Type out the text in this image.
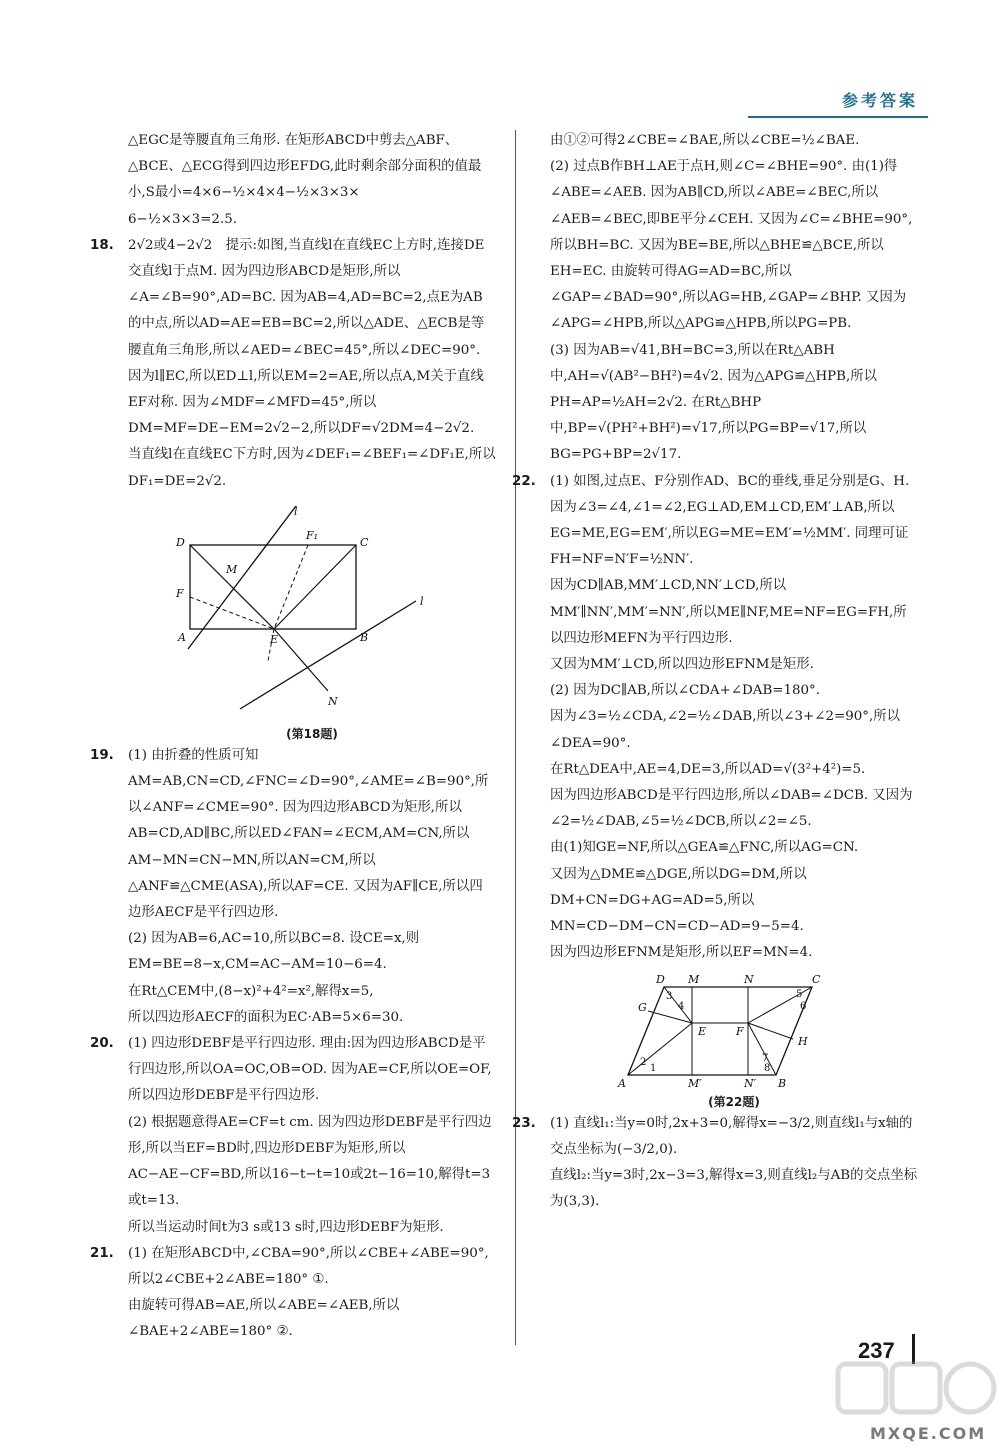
参考答案

△EGC是等腰直角三角形. 在矩形ABCD中剪去△ABF、△BCE、△ECG得到四边形EFDG,此时剩余部分面积的值最小,S最小=4×6−½×4×4−½×3×3×

6−½×3×3=2.5.

18. 2√2或4−2√2　提示:如图,当直线l在直线EC上方时,连接DE交直线l于点M. 因为四边形ABCD是矩形,所以∠A=∠B=90°,AD=BC. 因为AB=4,AD=BC=2,点E为AB的中点,所以AD=AE=EB=BC=2,所以△ADE、△ECB是等腰直角三角形,所以∠AED=∠BEC=45°,所以∠DEC=90°. 因为l∥EC,所以ED⊥l,所以EM=2=AE,所以点A,M关于直线EF对称. 因为∠MDF=∠MFD=45°,所以DM=MF=DE−EM=2√2−2,所以DF=√2DM=4−2√2.

当直线l在直线EC下方时,因为∠DEF₁=∠BEF₁=∠DF₁E,所以DF₁=DE=2√2.

D	C
A	B
E
F
M
F₁
N
l
l
(第18题)
19. (1) 由折叠的性质可知AM=AB,CN=CD,∠FNC=∠D=90°,∠AME=∠B=90°,所以∠ANF=∠CME=90°. 因为四边形ABCD为矩形,所以AB=CD,AD∥BC,所以ED∠FAN=∠ECM,AM=CN,所以AM−MN=CN−MN,所以AN=CM,所以△ANF≌△CME(ASA),所以AF=CE. 又因为AF∥CE,所以四边形AECF是平行四边形.

(2) 因为AB=6,AC=10,所以BC=8. 设CE=x,则EM=BE=8−x,CM=AC−AM=10−6=4.

在Rt△CEM中,(8−x)²+4²=x²,解得x=5,

所以四边形AECF的面积为EC·AB=5×6=30.

20. (1) 四边形DEBF是平行四边形. 理由:因为四边形ABCD是平行四边形,所以OA=OC,OB=OD. 因为AE=CF,所以OE=OF,所以四边形DEBF是平行四边形.

(2) 根据题意得AE=CF=t cm. 因为四边形DEBF是平行四边形,所以当EF=BD时,四边形DEBF为矩形,所以AC−AE−CF=BD,所以16−t−t=10或2t−16=10,解得t=3或t=13.

所以当运动时间t为3 s或13 s时,四边形DEBF为矩形.

21. (1) 在矩形ABCD中,∠CBA=90°,所以∠CBE+∠ABE=90°,所以2∠CBE+2∠ABE=180° ①.

由旋转可得AB=AE,所以∠ABE=∠AEB,所以∠BAE+2∠ABE=180° ②.

由①②可得2∠CBE=∠BAE,所以∠CBE=½∠BAE.

(2) 过点B作BH⊥AE于点H,则∠C=∠BHE=90°. 由(1)得∠ABE=∠AEB. 因为AB∥CD,所以∠ABE=∠BEC,所以∠AEB=∠BEC,即BE平分∠CEH. 又因为∠C=∠BHE=90°,所以BH=BC. 又因为BE=BE,所以△BHE≌△BCE,所以EH=EC. 由旋转可得AG=AD=BC,所以∠GAP=∠BAD=90°,所以AG=HB,∠GAP=∠BHP. 又因为∠APG=∠HPB,所以△APG≌△HPB,所以PG=PB.

(3) 因为AB=√41,BH=BC=3,所以在Rt△ABH中,AH=√(AB²−BH²)=4√2. 因为△APG≌△HPB,所以PH=AP=½AH=2√2. 在Rt△BHP中,BP=√(PH²+BH²)=√17,所以PG=BP=√17,所以BG=PG+BP=2√17.

22. (1) 如图,过点E、F分别作AD、BC的垂线,垂足分别是G、H.

因为∠3=∠4,∠1=∠2,EG⊥AD,EM⊥CD,EM′⊥AB,所以EG=ME,EG=EM′,所以EG=ME=EM′=½MM′. 同理可证FH=NF=N′F=½NN′.

因为CD∥AB,MM′⊥CD,NN′⊥CD,所以MM′∥NN′,MM′=NN′,所以ME∥NF,ME=NF=EG=FH,所以四边形MEFN为平行四边形.

又因为MM′⊥CD,所以四边形EFNM是矩形.

(2) 因为DC∥AB,所以∠CDA+∠DAB=180°.

因为∠3=½∠CDA,∠2=½∠DAB,所以∠3+∠2=90°,所以∠DEA=90°.

在Rt△DEA中,AE=4,DE=3,所以AD=√(3²+4²)=5.

因为四边形ABCD是平行四边形,所以∠DAB=∠DCB. 又因为∠2=½∠DAB,∠5=½∠DCB,所以∠2=∠5.

由(1)知GE=NF,所以△GEA≌△FNC,所以AG=CN.

又因为△DME≌△DGE,所以DG=DM,所以DM+CN=DG+AG=AD=5,所以MN=CD−DM−CN=CD−AD=9−5=4.

因为四边形EFNM是矩形,所以EF=MN=4.

D M	N	C
A	M′	N′ B
E	F
G
H
1
2
3
4
5
6
7
8
(第22题)
23. (1) 直线l₁:当y=0时,2x+3=0,解得x=−3/2,则直线l₁与x轴的交点坐标为(−3/2,0).

直线l₂:当y=3时,2x−3=3,解得x=3,则直线l₂与AB的交点坐标为(3,3).

237
MXQE.COM
